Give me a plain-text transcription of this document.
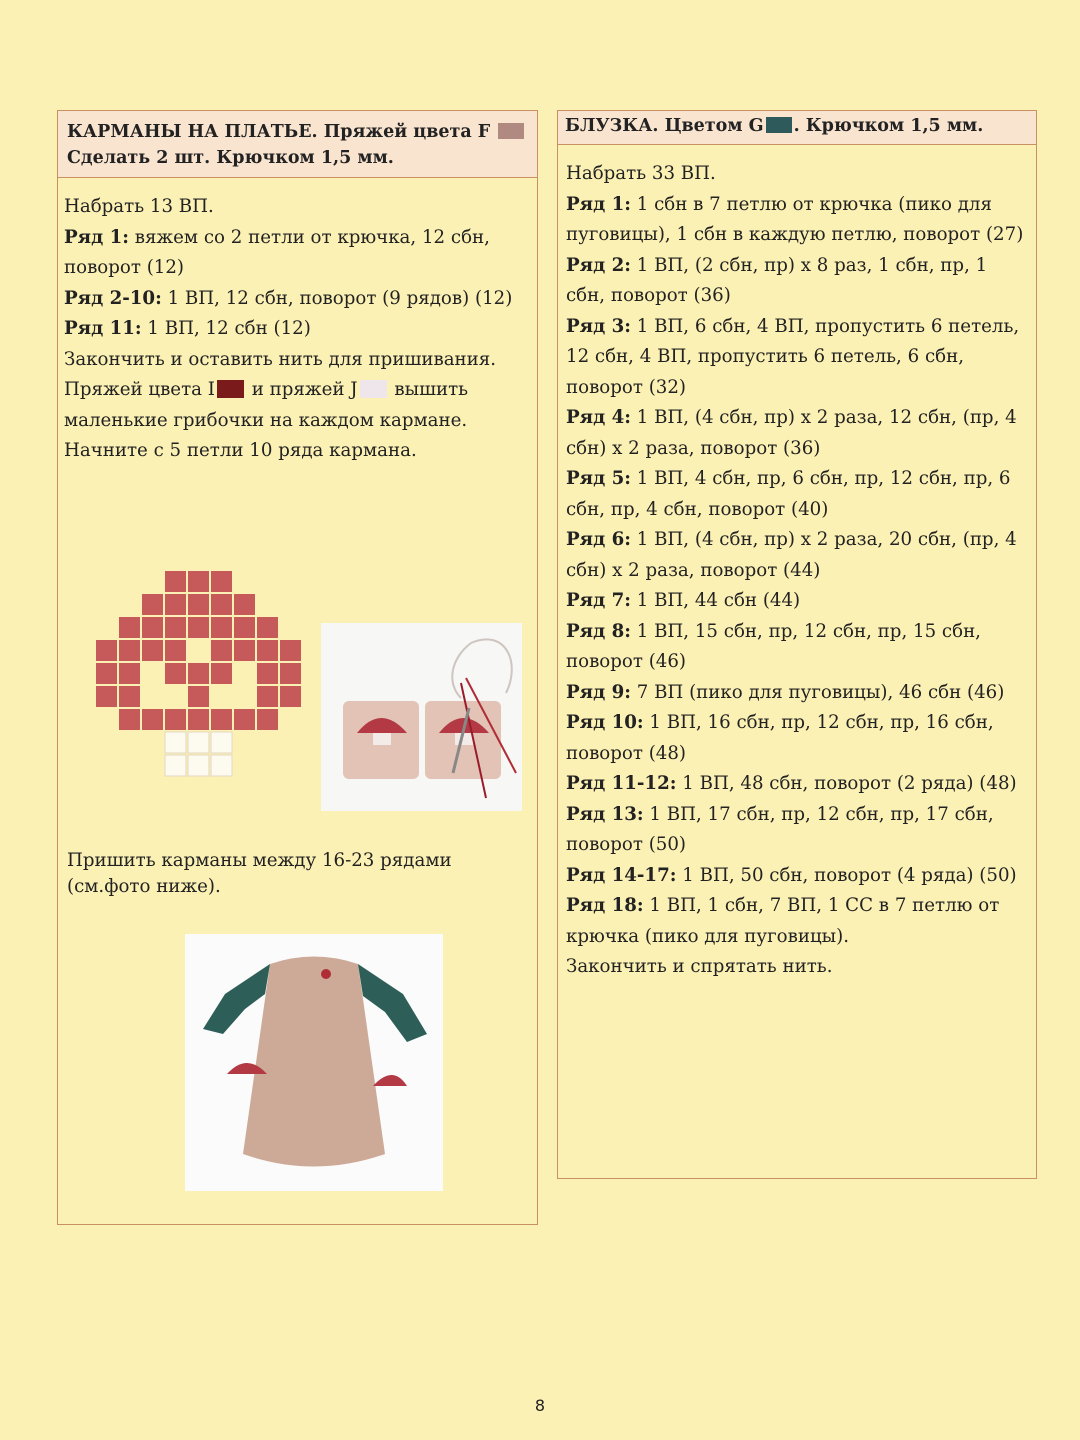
КАРМАНЫ НА ПЛАТЬЕ. Пряжей цвета F
Сделать 2 шт. Крючком 1,5 мм.

Набрать 13 ВП.

Ряд 1: вяжем со 2 петли от крючка, 12 сбн, поворот (12)

Ряд 2-10: 1 ВП, 12 сбн, поворот (9 рядов) (12)

Ряд 11: 1 ВП, 12 сбн (12)

Закончить и оставить нить для пришивания.

Пряжей цвета I и пряжей J вышить маленькие грибочки на каждом кармане.

Начните с 5 петли 10 ряда кармана.

Пришить карманы между 16-23 рядами (см.фото ниже).
БЛУЗКА. Цветом G . Крючком 1,5 мм.

Набрать 33 ВП.

Ряд 1: 1 сбн в 7 петлю от крючка (пико для пуговицы), 1 сбн в каждую петлю, поворот (27)

Ряд 2: 1 ВП, (2 сбн, пр) x 8 раз, 1 сбн, пр, 1 сбн, поворот (36)

Ряд 3: 1 ВП, 6 сбн, 4 ВП, пропустить 6 петель, 12 сбн, 4 ВП, пропустить 6 петель, 6 сбн, поворот (32)

Ряд 4: 1 ВП, (4 сбн, пр) x 2 раза, 12 сбн, (пр, 4 сбн) x 2 раза, поворот (36)

Ряд 5: 1 ВП, 4 сбн, пр, 6 сбн, пр, 12 сбн, пр, 6 сбн, пр, 4 сбн, поворот (40)

Ряд 6: 1 ВП, (4 сбн, пр) x 2 раза, 20 сбн, (пр, 4 сбн) x 2 раза, поворот (44)

Ряд 7: 1 ВП, 44 сбн (44)

Ряд 8: 1 ВП, 15 сбн, пр, 12 сбн, пр, 15 сбн, поворот (46)

Ряд 9: 7 ВП (пико для пуговицы), 46 сбн (46)

Ряд 10: 1 ВП, 16 сбн, пр, 12 сбн, пр, 16 сбн, поворот (48)

Ряд 11-12: 1 ВП, 48 сбн, поворот (2 ряда) (48)

Ряд 13: 1 ВП, 17 сбн, пр, 12 сбн, пр, 17 сбн, поворот (50)

Ряд 14-17: 1 ВП, 50 сбн, поворот (4 ряда) (50)

Ряд 18: 1 ВП, 1 сбн, 7 ВП, 1 СС в 7 петлю от крючка (пико для пуговицы).

Закончить и спрятать нить.

8
